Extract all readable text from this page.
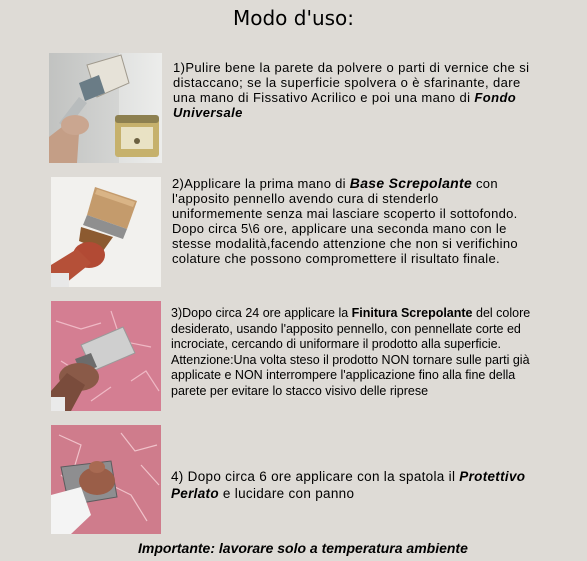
Modo d'uso:

1)Pulire bene la parete da polvere o parti di vernice che si distaccano; se la superficie spolvera o è sfarinante, dare una mano di Fissativo Acrilico e poi una mano di Fondo Universale

2)Applicare la prima mano di Base Screpolante con l'apposito pennello avendo cura di stenderlo uniformemente senza mai lasciare scoperto il sottofondo. Dopo circa 5\6 ore, applicare una seconda mano con le stesse modalità,facendo attenzione che non si verifichino colature che possono compromettere il risultato finale.

3)Dopo circa 24 ore applicare la Finitura Screpolante del colore desiderato, usando l'apposito pennello, con pennellate corte ed incrociate, cercando di uniformare il prodotto alla superficie. Attenzione:Una volta steso il prodotto NON tornare sulle parti già applicate e NON interrompere l'applicazione fino alla fine della parete per evitare lo stacco visivo delle riprese

4) Dopo circa 6 ore applicare con la spatola il Protettivo Perlato e lucidare con panno

Importante: lavorare solo a temperatura ambiente
